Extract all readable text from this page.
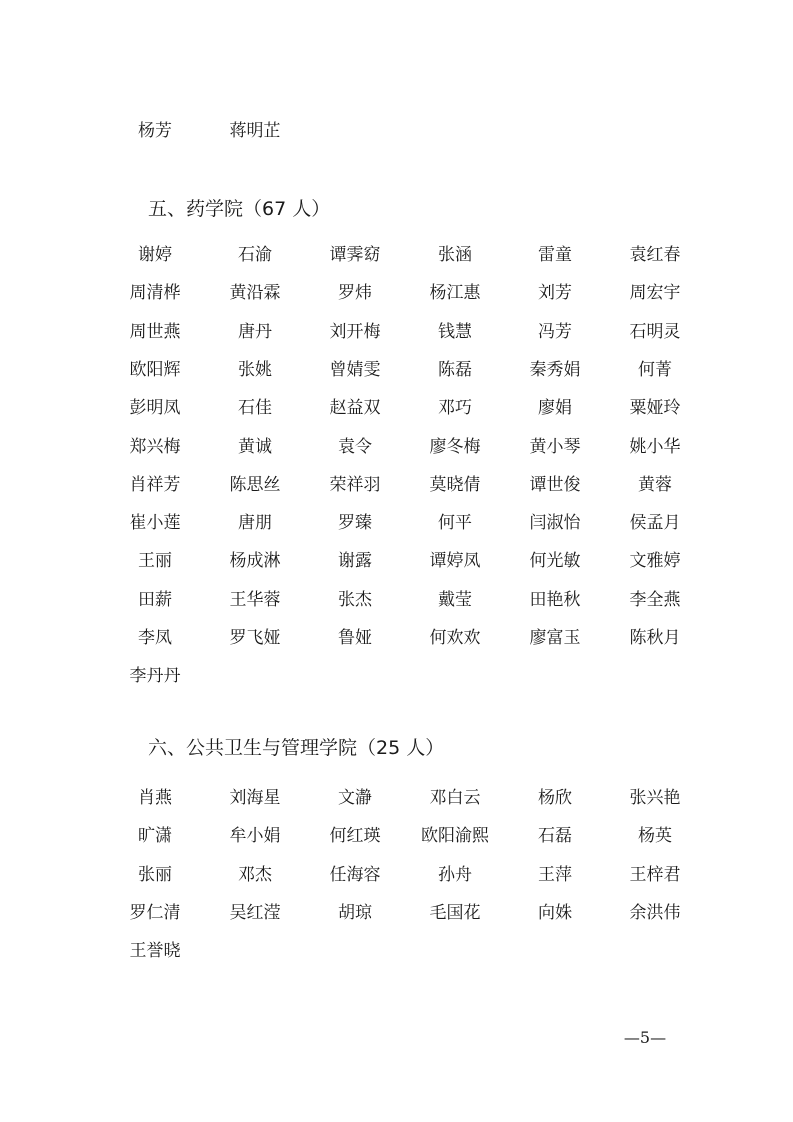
杨芳	蒋明芷
五、药学院（67 人）
谢婷	石渝	谭霁窈	张涵	雷童	袁红春
周清桦	黄沿霖	罗炜	杨江惠	刘芳	周宏宇
周世燕	唐丹	刘开梅	钱慧	冯芳	石明灵
欧阳辉	张姚	曾婧雯	陈磊	秦秀娟	何菁
彭明凤	石佳	赵益双	邓巧	廖娟	粟娅玲
郑兴梅	黄诚	袁令	廖冬梅	黄小琴	姚小华
肖祥芳	陈思丝	荣祥羽	莫晓倩	谭世俊	黄蓉
崔小莲	唐朋	罗臻	何平	闫淑怡	侯孟月
王丽	杨成淋	谢露	谭婷凤	何光敏	文雅婷
田薪	王华蓉	张杰	戴莹	田艳秋	李全燕
李凤	罗飞娅	鲁娅	何欢欢	廖富玉	陈秋月
李丹丹
六、公共卫生与管理学院（25 人）
肖燕	刘海星	文瀞	邓白云	杨欣	张兴艳
旷潇	牟小娟	何红瑛	欧阳渝熙	石磊	杨英
张丽	邓杰	任海容	孙舟	王萍	王梓君
罗仁清	吴红滢	胡琼	毛国花	向姝	余洪伟
王誉晓
—5—
